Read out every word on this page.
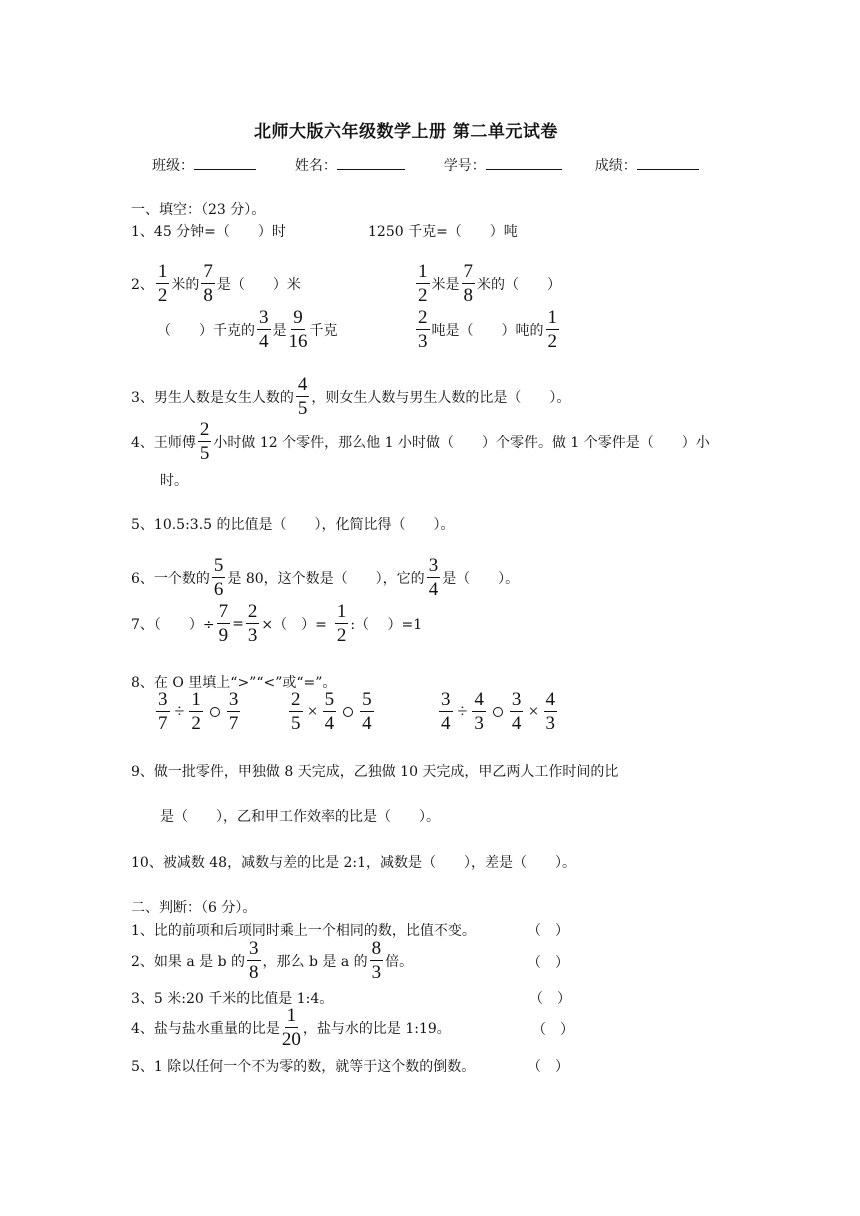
北师大版六年级数学上册 第二单元试卷
班级：	姓名：	学号：	成绩：
一、填空：（23 分）。
1、45 分钟=（　　）时	1250 千克=（　　）吨
2、 $\frac{1}{2}$ 米的 $\frac{7}{8}$ 是（　　）米	$\frac{1}{2}$ 米是 $\frac{7}{8}$ 米的（　　）
（　　）千克的 $\frac{3}{4}$ 是 $\frac{9}{16}$ 千克	$\frac{2}{3}$ 吨是（　　）吨的 $\frac{1}{2}$
3、男生人数是女生人数的 $\frac{4}{5}$ ，则女生人数与男生人数的比是（　　）。
4、王师傅 $\frac{2}{5}$ 小时做 12 个零件，那么他 1 小时做（　　）个零件。做 1 个零件是（　　）小
时。
5、10.5:3.5 的比值是（　　），化简比得（　　）。
6、一个数的 $\frac{5}{6}$ 是 80，这个数是（　　），它的 $\frac{3}{4}$ 是（　　）。
7、（　　）÷ $\frac{7}{9} = \frac{2}{3}$ ×（　）= $\frac{1}{2}$ :（　 ）=1
8、在 O 里填上“>”“<”或“=”。
$\frac{3}{7} \div \frac{1}{2} \frac{3}{7}$	$\frac{2}{5} \times \frac{5}{4} \frac{5}{4}$	$\frac{3}{4} \div \frac{4}{3} \frac{3}{4} \times \frac{4}{3}$
9、做一批零件，甲独做 8 天完成，乙独做 10 天完成，甲乙两人工作时间的比
是（　　），乙和甲工作效率的比是（　　）。
10、被减数 48，减数与差的比是 2:1，减数是（　　），差是（　　）。
二、判断：（6 分）。
1、比的前项和后项同时乘上一个相同的数，比值不变。	（　）
2、如果 a 是 b 的 $\frac{3}{8}$ ，那么 b 是 a 的 $\frac{8}{3}$ 倍。	（　）
3、5 米:20 千米的比值是 1:4。	（　）
4、盐与盐水重量的比是 $\frac{1}{20}$ ，盐与水的比是 1:19。	（　）
5、1 除以任何一个不为零的数，就等于这个数的倒数。	（　）
